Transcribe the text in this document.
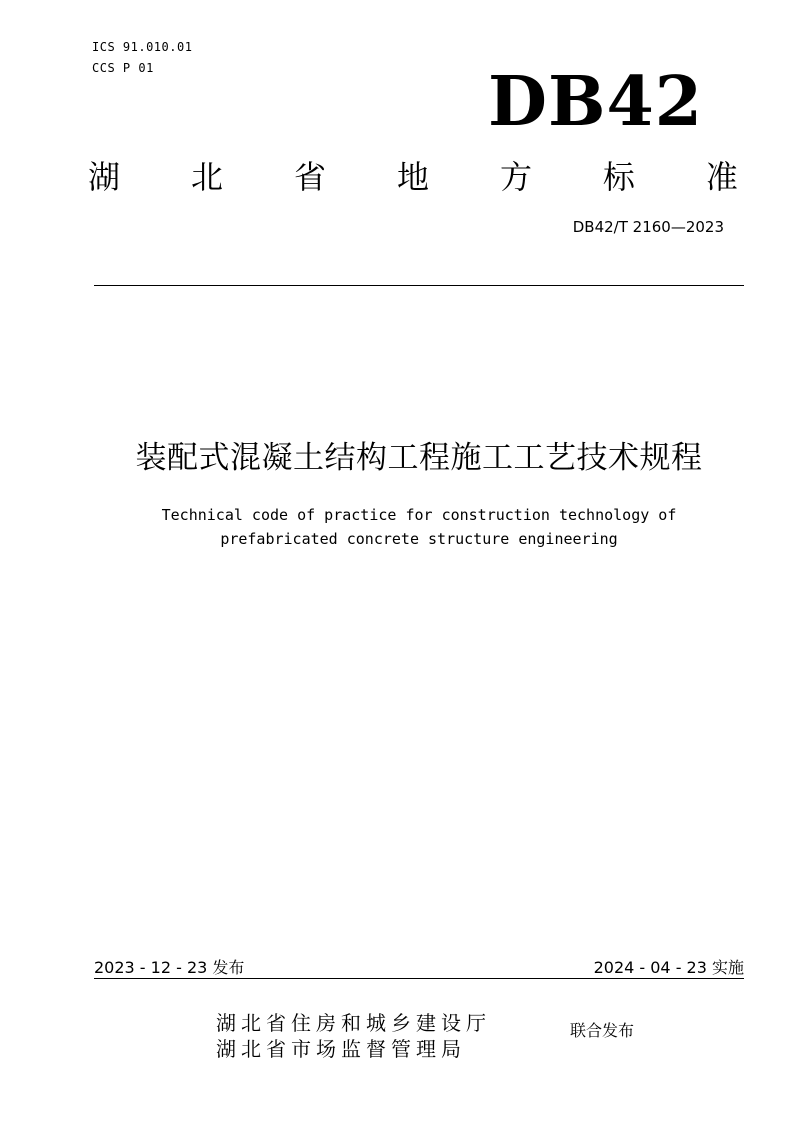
ICS 91.010.01
CCS P 01	DB42
湖 北 省 地 方 标 准
DB42/T 2160—2023
装配式混凝土结构工程施工工艺技术规程
Technical code of practice for construction technology of
prefabricated concrete structure engineering
2023 - 12 - 23 发布	2024 - 04 - 23 实施
湖北省住房和城乡建设厅
湖北省市场监督管理局
联合发布
